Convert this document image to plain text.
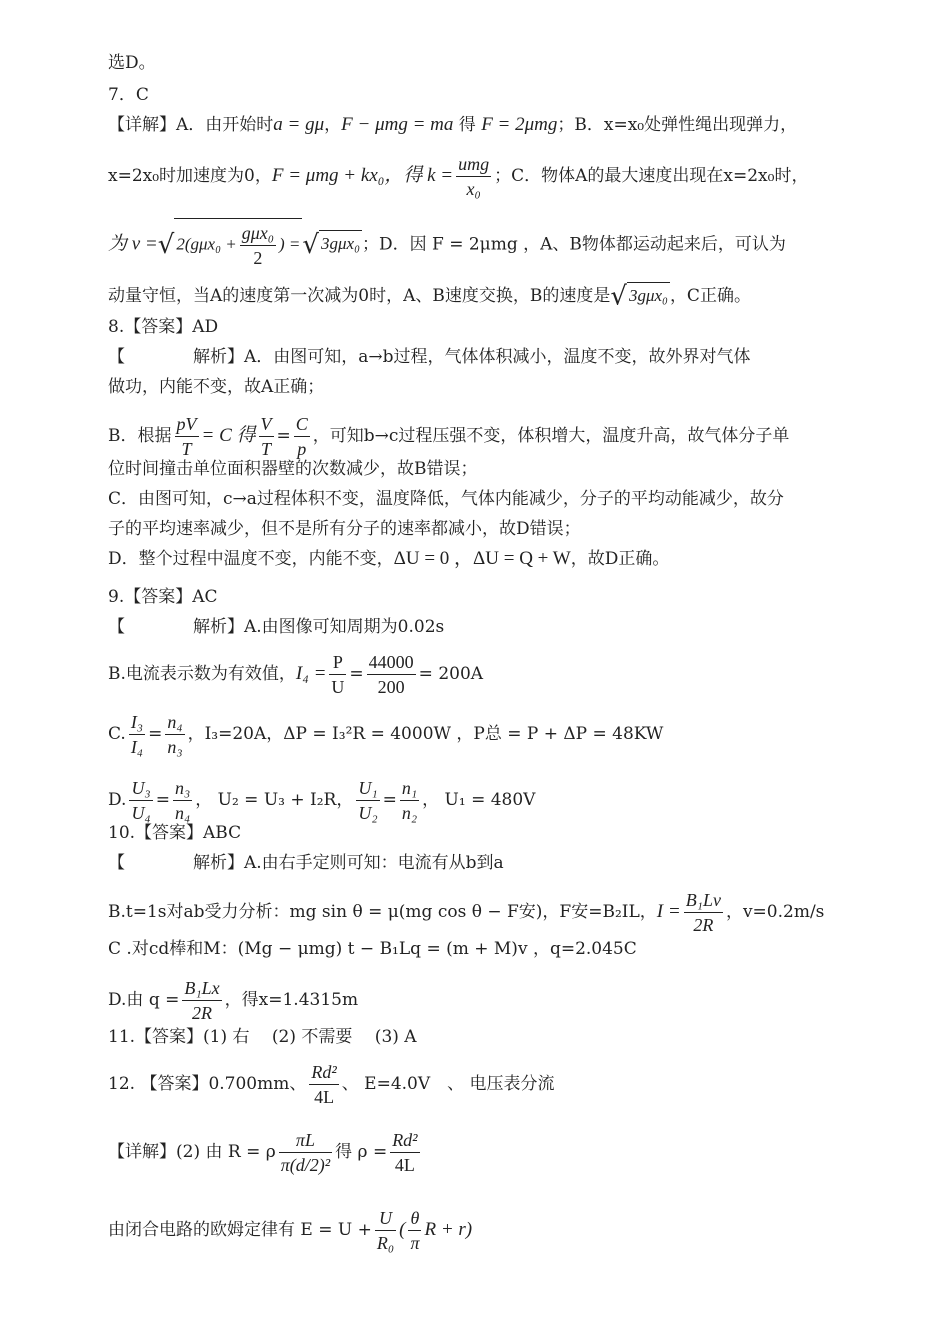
选D。
7．C
【详解】A．由开始时a = gμ，F − μmg = ma 得 F = 2μmg；B．x=x₀处弹性绳出现弹力，
x=2x₀时加速度为0，F = μmg + kx₀，得 $k = \frac{\text{umg}}{\text{x₀}}$ ；C．物体A的最大速度出现在x=2x₀时，
为 v =√ $2(g\mu x_0 + \frac{\text{gμx₀}}{2}$ ) =√ 3gμx₀ ；D．因 F = 2μmg ，A、B物体都运动起来后，可认为
动量守恒，当A的速度第一次减为0时，A、B速度交换，B的速度是√ 3gμx₀ ，C正确。
8.【答案】AD
【　　　　解析】A．由图可知，a→b过程，气体体积减小，温度不变，故外界对气体
做功，内能不变，故A正确；
B．根据 $\frac{pV}{T} = C$ 得 $\frac{V}{T} = \frac{C}{p}$ ，可知b→c过程压强不变，体积增大，温度升高，故气体分子单
位时间撞击单位面积器壁的次数减少，故B错误；
C．由图可知，c→a过程体积不变，温度降低，气体内能减少，分子的平均动能减少，故分
子的平均速率减少，但不是所有分子的速率都减小，故D错误；
D．整个过程中温度不变，内能不变，ΔU = 0 ，ΔU = Q + W，故D正确。
9.【答案】AC
【　　　　解析】A.由图像可知周期为0.02s
B.电流表示数为有效值，$I_4 = \frac{P}{U} = \frac{44000}{200} = 200A$
C. $\frac{\text{I₃}}{\text{I₄}} = \frac{\text{n₄}}{\text{n₃}}$ ，I₃=20A，ΔP = I₃²R = 4000W ，P总 = P + ΔP = 48KW
D. $\frac{\text{U₃}}{\text{U₄}} = \frac{\text{n₃}}{\text{n₄}}$ ， U₂ = U₃ + I₂R， $\frac{\text{U₁}}{\text{U₂}} = \frac{\text{n₁}}{\text{n₂}}$ ， U₁ = 480V
10.【答案】ABC
【　　　　解析】A.由右手定则可知：电流有从b到a
B.t=1s对ab受力分析：mg sin θ = μ(mg cos θ − F安)，F安=B₂IL，$I = \frac{\text{B₁Lv}}{2R}$ ，v=0.2m/s
C .对cd棒和M：(Mg − μmg) t − B₁Lq = (m + M)v ，q=2.045C
D.由 $q = \frac{\text{B₁Lx}}{2R}$ ，得x=1.4315m
11.【答案】(1) 右　 (2) 不需要　 (3) A
12. 【答案】0.700mm、 $\frac{\text{Rd²}}{4L}$ 、 E=4.0V　、 电压表分流
【详解】(2) 由 R = ρ $\frac{\pi L}{\text{π(d/2)²}}$ 得 $\rho = \frac{\text{Rd²}}{4L}$
由闭合电路的欧姆定律有 $E = U + \frac{U}{\text{R₀}}$ ( $\frac{\theta}{\pi}$ R + r)
